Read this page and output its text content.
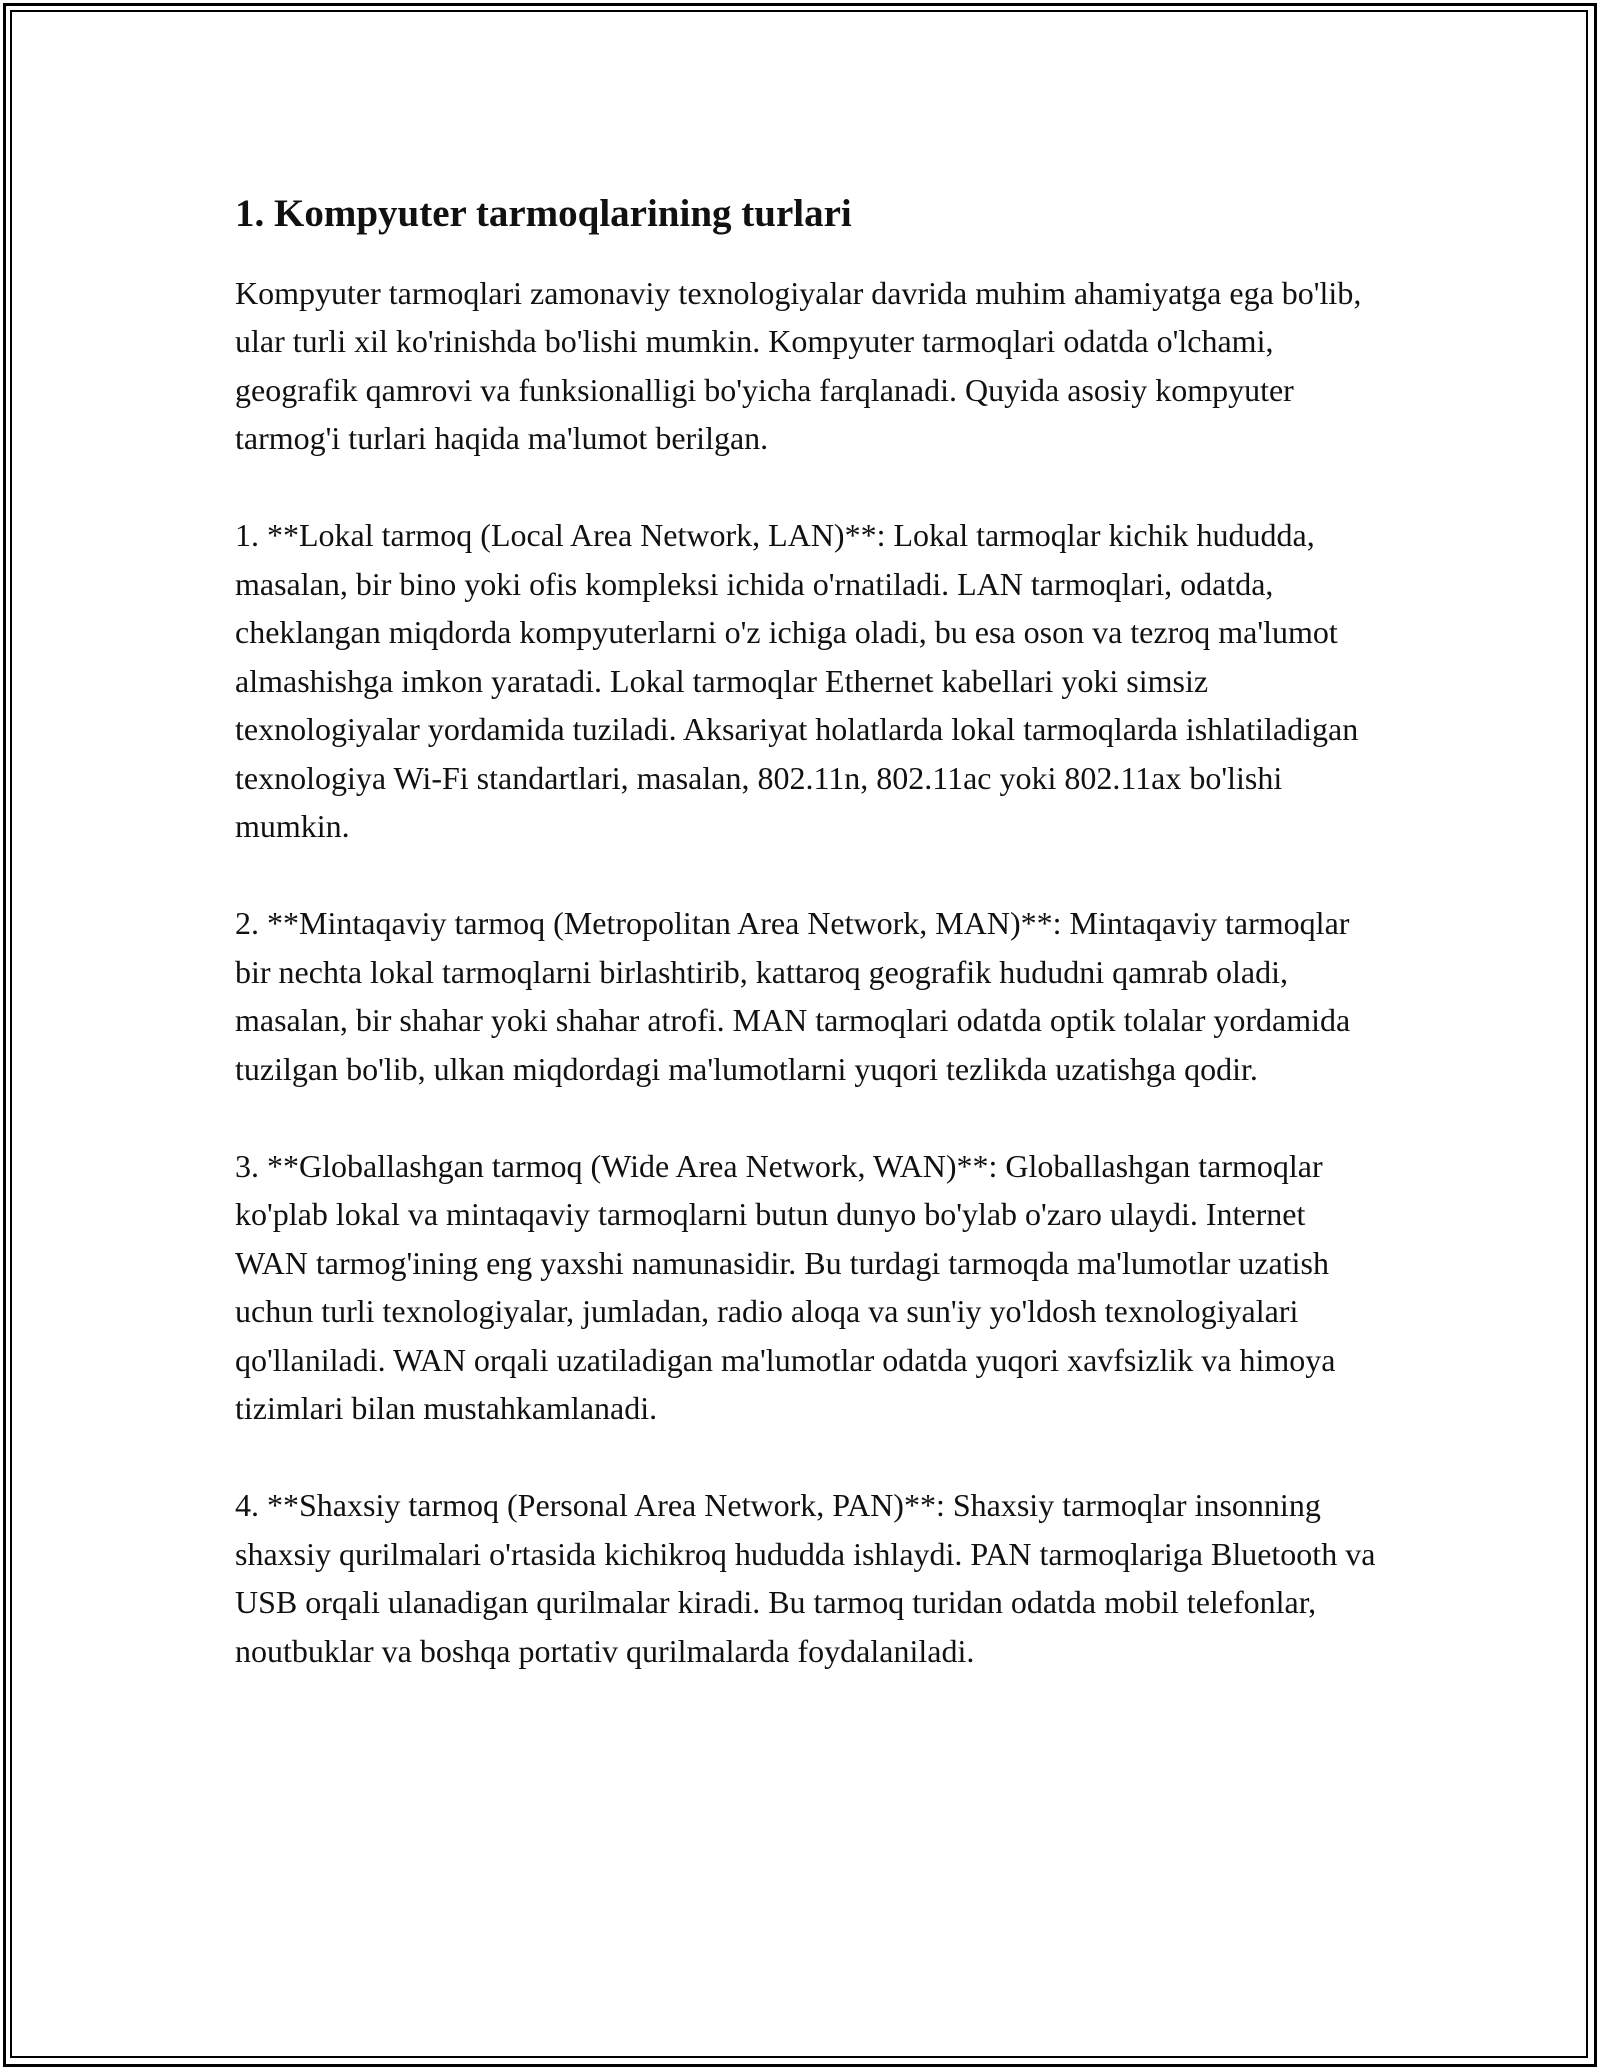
1. Kompyuter tarmoqlarining turlari

Kompyuter tarmoqlari zamonaviy texnologiyalar davrida muhim ahamiyatga ega bo'lib, ular turli xil ko'rinishda bo'lishi mumkin. Kompyuter tarmoqlari odatda o'lchami, geografik qamrovi va funksionalligi bo'yicha farqlanadi. Quyida asosiy kompyuter tarmog'i turlari haqida ma'lumot berilgan.

1. **Lokal tarmoq (Local Area Network, LAN)**: Lokal tarmoqlar kichik hududda, masalan, bir bino yoki ofis kompleksi ichida o'rnatiladi. LAN tarmoqlari, odatda, cheklangan miqdorda kompyuterlarni o'z ichiga oladi, bu esa oson va tezroq ma'lumot almashishga imkon yaratadi. Lokal tarmoqlar Ethernet kabellari yoki simsiz texnologiyalar yordamida tuziladi. Aksariyat holatlarda lokal tarmoqlarda ishlatiladigan texnologiya Wi-Fi standartlari, masalan, 802.11n, 802.11ac yoki 802.11ax bo'lishi mumkin.

2. **Mintaqaviy tarmoq (Metropolitan Area Network, MAN)**: Mintaqaviy tarmoqlar bir nechta lokal tarmoqlarni birlashtirib, kattaroq geografik hududni qamrab oladi, masalan, bir shahar yoki shahar atrofi. MAN tarmoqlari odatda optik tolalar yordamida tuzilgan bo'lib, ulkan miqdordagi ma'lumotlarni yuqori tezlikda uzatishga qodir.

3. **Globallashgan tarmoq (Wide Area Network, WAN)**: Globallashgan tarmoqlar ko'plab lokal va mintaqaviy tarmoqlarni butun dunyo bo'ylab o'zaro ulaydi. Internet WAN tarmog'ining eng yaxshi namunasidir. Bu turdagi tarmoqda ma'lumotlar uzatish uchun turli texnologiyalar, jumladan, radio aloqa va sun'iy yo'ldosh texnologiyalari qo'llaniladi. WAN orqali uzatiladigan ma'lumotlar odatda yuqori xavfsizlik va himoya tizimlari bilan mustahkamlanadi.

4. **Shaxsiy tarmoq (Personal Area Network, PAN)**: Shaxsiy tarmoqlar insonning shaxsiy qurilmalari o'rtasida kichikroq hududda ishlaydi. PAN tarmoqlariga Bluetooth va USB orqali ulanadigan qurilmalar kiradi. Bu tarmoq turidan odatda mobil telefonlar, noutbuklar va boshqa portativ qurilmalarda foydalaniladi.
